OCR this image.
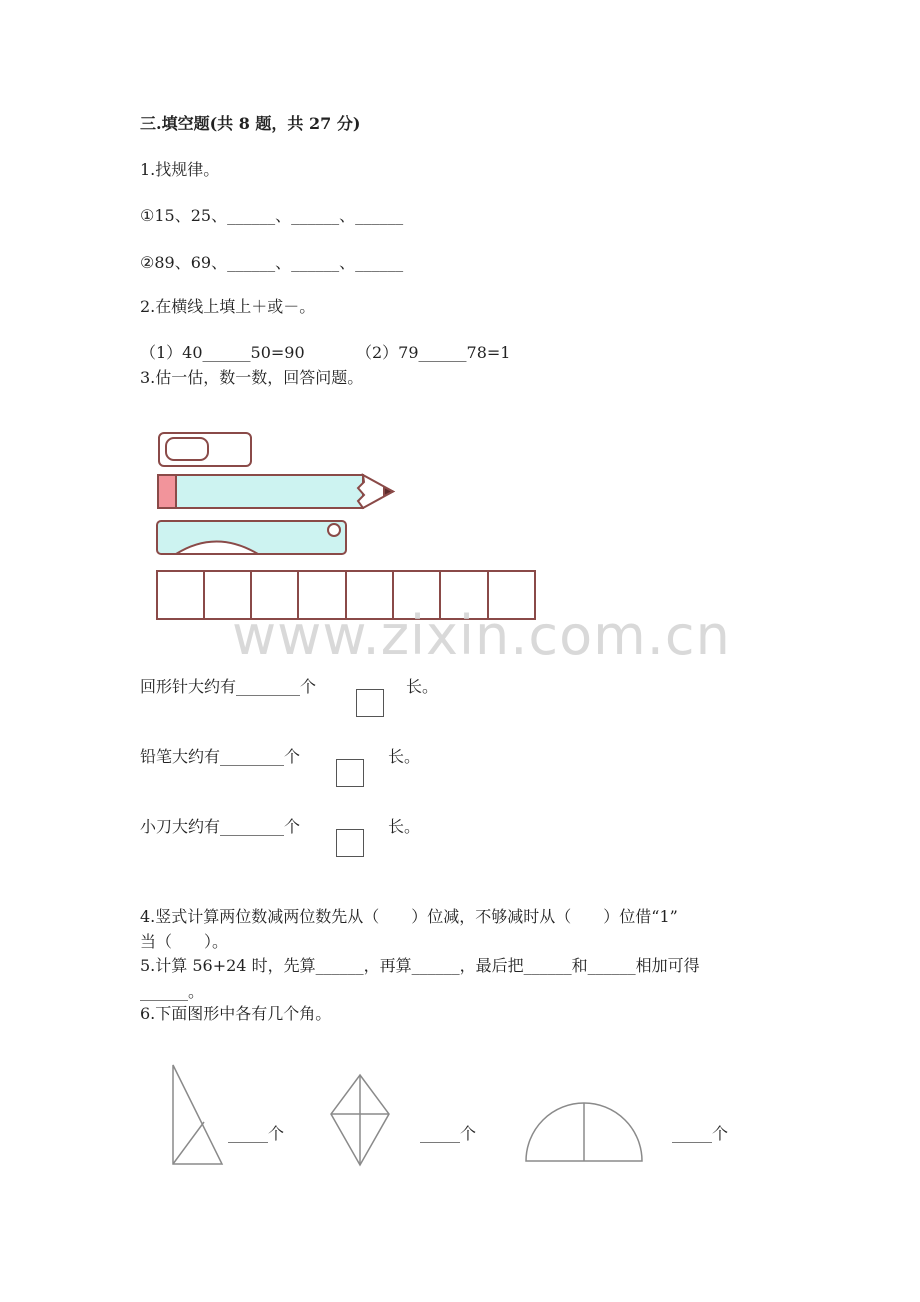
三.填空题(共 8 题，共 27 分)
1.找规律。
①15、25、______、______、______
②89、69、______、______、______
2.在横线上填上＋或－。
（1）40______50=90	（2）79______78=1
3.估一估，数一数，回答问题。
www.zixin.com.cn
回形针大约有________个	长。
铅笔大约有________个	长。
小刀大约有________个	长。
4.竖式计算两位数减两位数先从（　　）位减，不够减时从（　　）位借“1”
当（　　）。
5.计算 56+24 时，先算______，再算______，最后把______和______相加可得
______。
6.下面图形中各有几个角。
_____个	_____个	_____个
